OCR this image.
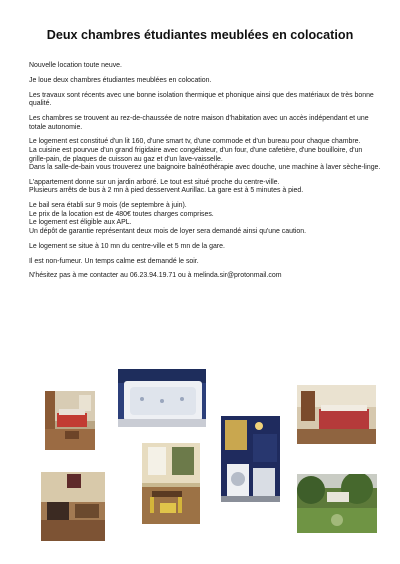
Deux chambres étudiantes meublées en colocation

Nouvelle location toute neuve.

Je loue deux chambres étudiantes meublées en colocation.

Les travaux sont récents avec une bonne isolation thermique et phonique ainsi que des matériaux de très bonne qualité.

Les chambres se trouvent au rez-de-chaussée de notre maison d'habitation avec un accès indépendant et une totale autonomie.

Le logement est constitué d'un lit 160, d'une smart tv, d'une commode et d'un bureau pour chaque chambre.
La cuisine est pourvue d'un grand frigidaire avec congélateur, d'un four, d'une cafetière, d'une bouilloire, d'un grille-pain, de plaques de cuisson au gaz et d'un lave-vaisselle.
Dans la salle-de-bain vous trouverez une baignoire balnéothérapie avec douche, une machine à laver sèche-linge.

L'appartement donne sur un jardin arboré. Le tout est situé proche du centre-ville.
Plusieurs arrêts de bus à 2 mn à pied desservent Aurillac. La gare est à 5 minutes à pied.

Le bail sera établi sur 9 mois (de septembre à juin).
Le prix de la location est de 480€ toutes charges comprises.
Le logement est éligible aux APL.
Un dépôt de garantie représentant deux mois de loyer sera demandé ainsi qu'une caution.

Le logement se situe à 10 mn du centre-ville et 5 mn de la gare.

Il est non-fumeur. Un temps calme est demandé le soir.

N'hésitez pas à me contacter au 06.23.94.19.71 ou à melinda.sir@protonmail.com
